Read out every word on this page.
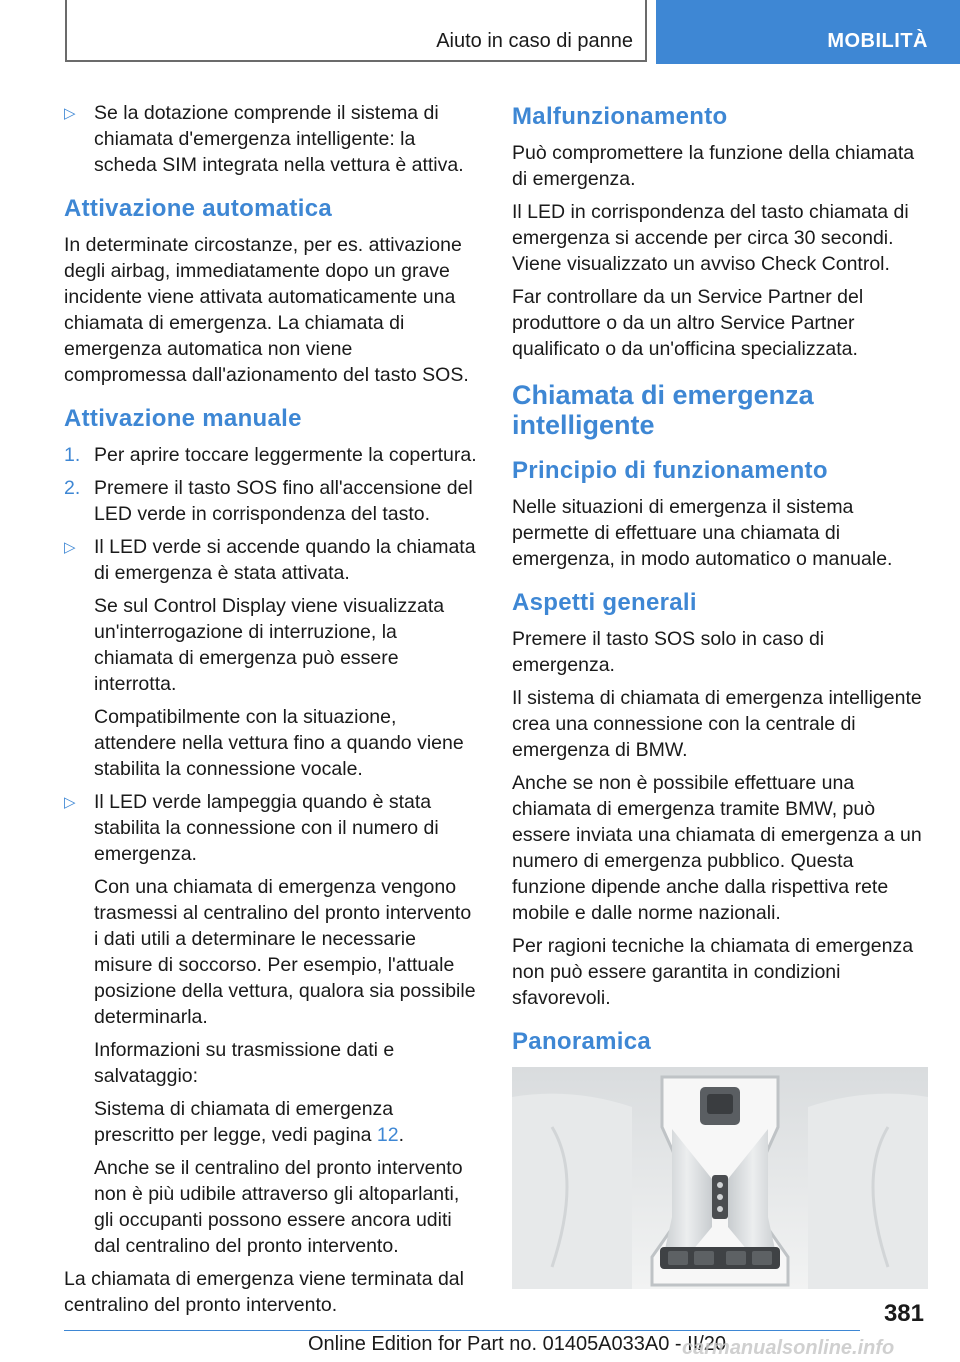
Aiuto in caso di panne	MOBILITÀ
▷ Se la dotazione comprende il sistema di chiamata d'emergenza intelligente: la scheda SIM integrata nella vettura è attiva.

Attivazione automatica

In determinate circostanze, per es. attivazione degli airbag, immediatamente dopo un grave incidente viene attivata automaticamente una chiamata di emergenza. La chiamata di emergenza automatica non viene compromessa dall'azionamento del tasto SOS.

Attivazione manuale
1. Per aprire toccare leggermente la copertura.

2. Premere il tasto SOS fino all'accensione del LED verde in corrispondenza del tasto.

▷ Il LED verde si accende quando la chiamata di emergenza è stata attivata.

Se sul Control Display viene visualizzata un'interrogazione di interruzione, la chiamata di emergenza può essere interrotta.

Compatibilmente con la situazione, attendere nella vettura fino a quando viene stabilita la connessione vocale.

▷ Il LED verde lampeggia quando è stata stabilita la connessione con il numero di emergenza.

Con una chiamata di emergenza vengono trasmessi al centralino del pronto intervento i dati utili a determinare le necessarie misure di soccorso. Per esempio, l'attuale posizione della vettura, qualora sia possibile determinarla.

Informazioni su trasmissione dati e salvataggio:

Sistema di chiamata di emergenza prescritto per legge, vedi pagina 12.

Anche se il centralino del pronto intervento non è più udibile attraverso gli altoparlanti, gli occupanti possono essere ancora uditi dal centralino del pronto intervento.

La chiamata di emergenza viene terminata dal centralino del pronto intervento.

Malfunzionamento

Può compromettere la funzione della chiamata di emergenza.

Il LED in corrispondenza del tasto chiamata di emergenza si accende per circa 30 secondi. Viene visualizzato un avviso Check Control.

Far controllare da un Service Partner del produttore o da un altro Service Partner qualificato o da un'officina specializzata.

Chiamata di emergenza intelligente
Principio di funzionamento

Nelle situazioni di emergenza il sistema permette di effettuare una chiamata di emergenza, in modo automatico o manuale.

Aspetti generali

Premere il tasto SOS solo in caso di emergenza.

Il sistema di chiamata di emergenza intelligente crea una connessione con la centrale di emergenza di BMW.

Anche se non è possibile effettuare una chiamata di emergenza tramite BMW, può essere inviata una chiamata di emergenza a un numero di emergenza pubblico. Questa funzione dipende anche dalla rispettiva rete mobile e dalle norme nazionali.

Per ragioni tecniche la chiamata di emergenza non può essere garantita in condizioni sfavorevoli.

Panoramica
381
Online Edition for Part no. 01405A033A0 - II/20
carmanualsonline.info
